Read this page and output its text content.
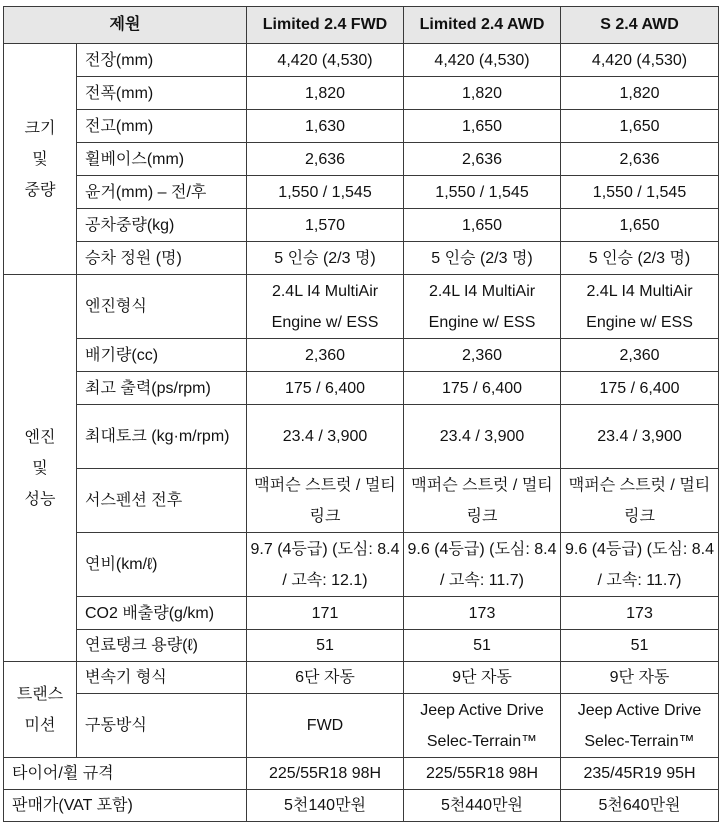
제원		Limited 2.4 FWD	Limited 2.4 AWD	S 2.4 AWD

크기
및
중량	전장(mm)	4,420 (4,530)	4,420 (4,530)	4,420 (4,530)
	전폭(mm)	1,820	1,820	1,820
	전고(mm)	1,630	1,650	1,650
	휠베이스(mm)	2,636	2,636	2,636
	윤거(mm) – 전/후	1,550 / 1,545	1,550 / 1,545	1,550 / 1,545
	공차중량(kg)	1,570	1,650	1,650
	승차 정원 (명)	5 인승 (2/3 명)	5 인승 (2/3 명)	5 인승 (2/3 명)

엔진
및
성능	엔진형식	2.4L I4 MultiAir Engine w/ ESS	2.4L I4 MultiAir Engine w/ ESS	2.4L I4 MultiAir Engine w/ ESS
	배기량(cc)	2,360	2,360	2,360
	최고 출력(ps/rpm)	175 / 6,400	175 / 6,400	175 / 6,400
	최대토크 (kg·m/rpm)	23.4 / 3,900	23.4 / 3,900	23.4 / 3,900
	서스펜션 전후	맥퍼슨 스트럿 / 멀티링크	맥퍼슨 스트럿 / 멀티링크	맥퍼슨 스트럿 / 멀티링크
	연비(km/ℓ)	9.7 (4등급) (도심: 8.4 / 고속: 12.1)	9.6 (4등급) (도심: 8.4 / 고속: 11.7)	9.6 (4등급) (도심: 8.4 / 고속: 11.7)
	CO2 배출량(g/km)	171	173	173
	연료탱크 용량(ℓ)	51	51	51

트랜스
미션	변속기 형식	6단 자동	9단 자동	9단 자동
	구동방식	FWD	Jeep Active Drive Selec-Terrain™	Jeep Active Drive Selec-Terrain™
타이어/휠 규격		225/55R18 98H	225/55R18 98H	235/45R19 95H
판매가(VAT 포함)		5천140만원	5천440만원	5천640만원
